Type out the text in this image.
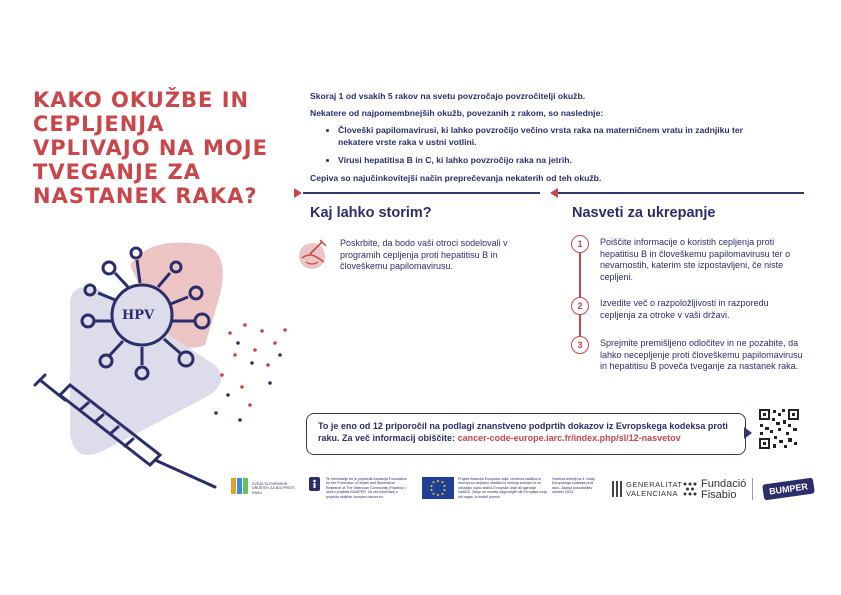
KAKO OKUŽBE IN CEPLJENJA VPLIVAJO NA MOJE TVEGANJE ZA NASTANEK RAKA?

Skoraj 1 od vsakih 5 rakov na svetu povzročajo povzročitelji okužb.

Nekatere od najpomembnejših okužb, povezanih z rakom, so naslednje:

• Človeški papilomavirusi, ki lahko povzročijo večino vrsta raka na materničnem vratu in zadnjiku ter nekatere vrste raka v ustni votlini.
• Virusi hepatitisa B in C, ki lahko povzročijo raka na jetrih.

Cepiva so najučinkovitejši način preprečevanja nekaterih od teh okužb.

Kaj lahko storim?
Poskrbite, da bodo vaši otroci sodelovali v programih cepljenja proti hepatitisu B in človeškemu papilomavirusu.
Nasveti za ukrepanje
1	Poiščite informacije o koristih cepljenja proti hepatitisu B in človeškemu papilomavirusu ter o nevarnostih, katerim ste izpostavljeni, če niste cepljeni.
2	Izvedite več o razpoložljivosti in razporedu cepljenja za otroke v vaši državi.
3	Sprejmite premišljeno odločitev in ne pozabite, da lahko necepljenje proti človeškemu papilomavirusu in hepatitisu B poveča tveganje za nastanek raka.
HPV
To je eno od 12 priporočil na podlagi znanstveno podprtih dokazov iz Evropskega kodeksa proti raku. Za več informacij obiščite: cancer-code-europe.iarc.fr/index.php/sl/12-nasvetov
ZVEZA SLOVENSKIH DRUŠTEV ZA BOJ PROTI RAKU
Te informacije bo je pripravila fundacija Foundation for the Promotion of Health and Biomedical Research of The Valencian Community (Fisabio) v okviru projekta BUMPER. Za več informacij o projektu obiščite: bumper-cancer.eu
Projekt financira Evropska unija. Izražena stališča in mnenja so izključno stališča in mnenja avtorjev in ne odražajo nujno stališč Evropske unije ali agencije HaDEA. Zanje ne moreta odgovarjati niti Evropska unija niti organ, ki dodeli pomoč.
Vsebina temelji na 4. izdaji Evropskega kodeksa proti raku. Zadnja posodobitev oktober 2024.
GENERALITAT VALENCIANA
Fundació Fisabio	BUMPER
